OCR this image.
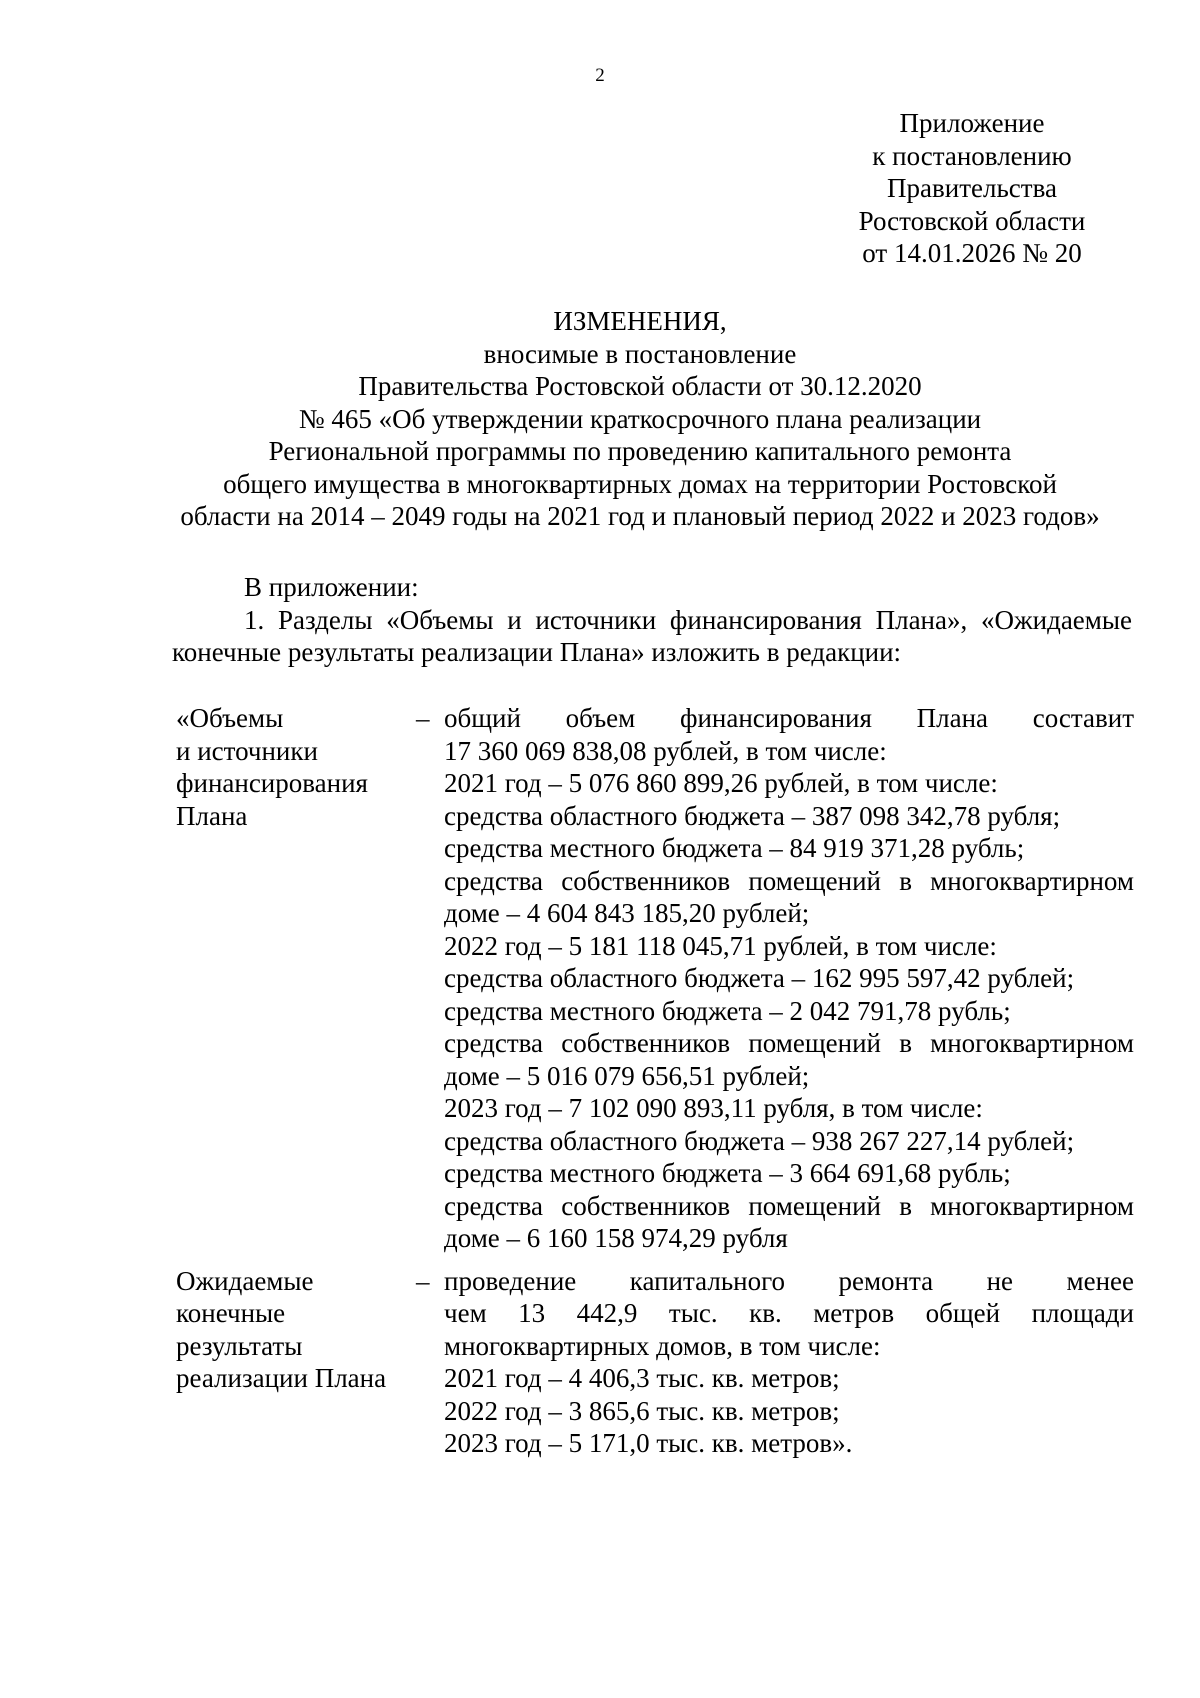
2
Приложение
к постановлению
Правительства
Ростовской области
от 14.01.2026 № 20
ИЗМЕНЕНИЯ,
вносимые в постановление
Правительства Ростовской области от 30.12.2020
№ 465 «Об утверждении краткосрочного плана реализации
Региональной программы по проведению капитального ремонта
общего имущества в многоквартирных домах на территории Ростовской
области на 2014 – 2049 годы на 2021 год и плановый период 2022 и 2023 годов»
В приложении:
1. Разделы «Объемы и источники финансирования Плана», «Ожидаемые
конечные результаты реализации Плана» изложить в редакции:
«Объемы
и источники
финансирования
Плана
– общий объем финансирования Плана составит
17 360 069 838,08 рублей, в том числе:
2021 год – 5 076 860 899,26 рублей, в том числе:
средства областного бюджета – 387 098 342,78 рубля;
средства местного бюджета – 84 919 371,28 рубль;
средства собственников помещений в многоквартирном
доме – 4 604 843 185,20 рублей;
2022 год – 5 181 118 045,71 рублей, в том числе:
средства областного бюджета – 162 995 597,42 рублей;
средства местного бюджета – 2 042 791,78 рубль;
средства собственников помещений в многоквартирном
доме – 5 016 079 656,51 рублей;
2023 год – 7 102 090 893,11 рубля, в том числе:
средства областного бюджета – 938 267 227,14 рублей;
средства местного бюджета – 3 664 691,68 рубль;
средства собственников помещений в многоквартирном
доме – 6 160 158 974,29 рубля
Ожидаемые
конечные
результаты
реализации Плана
– проведение капитального ремонта не менее
чем 13 442,9 тыс. кв. метров общей площади
многоквартирных домов, в том числе:
2021 год – 4 406,3 тыс. кв. метров;
2022 год – 3 865,6 тыс. кв. метров;
2023 год – 5 171,0 тыс. кв. метров».
